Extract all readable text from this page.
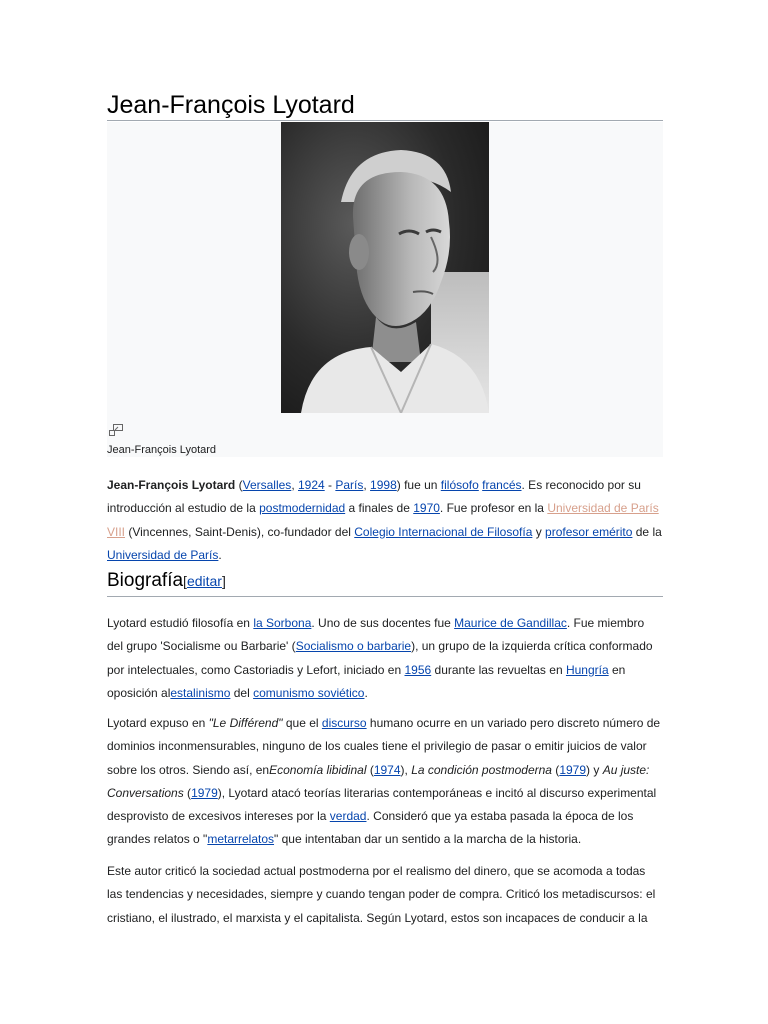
Jean-François Lyotard
Jean-François Lyotard

Jean-François Lyotard (Versalles, 1924 - París, 1998) fue un filósofo francés. Es reconocido por su introducción al estudio de la postmodernidad a finales de 1970. Fue profesor en la Universidad de París VIII (Vincennes, Saint-Denis), co-fundador del Colegio Internacional de Filosofía y profesor emérito de la Universidad de París.

Biografía[editar]

Lyotard estudió filosofía en la Sorbona. Uno de sus docentes fue Maurice de Gandillac. Fue miembro del grupo 'Socialisme ou Barbarie' (Socialismo o barbarie), un grupo de la izquierda crítica conformado por intelectuales, como Castoriadis y Lefort, iniciado en 1956 durante las revueltas en Hungría en oposición alestalinismo del comunismo soviético.

Lyotard expuso en "Le Différend" que el discurso humano ocurre en un variado pero discreto número de dominios inconmensurables, ninguno de los cuales tiene el privilegio de pasar o emitir juicios de valor sobre los otros. Siendo así, enEconomía libidinal (1974), La condición postmoderna (1979) y Au juste: Conversations (1979), Lyotard atacó teorías literarias contemporáneas e incitó al discurso experimental desprovisto de excesivos intereses por la verdad. Consideró que ya estaba pasada la época de los grandes relatos o "metarrelatos" que intentaban dar un sentido a la marcha de la historia.

Este autor criticó la sociedad actual postmoderna por el realismo del dinero, que se acomoda a todas las tendencias y necesidades, siempre y cuando tengan poder de compra. Criticó los metadiscursos: el cristiano, el ilustrado, el marxista y el capitalista. Según Lyotard, estos son incapaces de conducir a la
